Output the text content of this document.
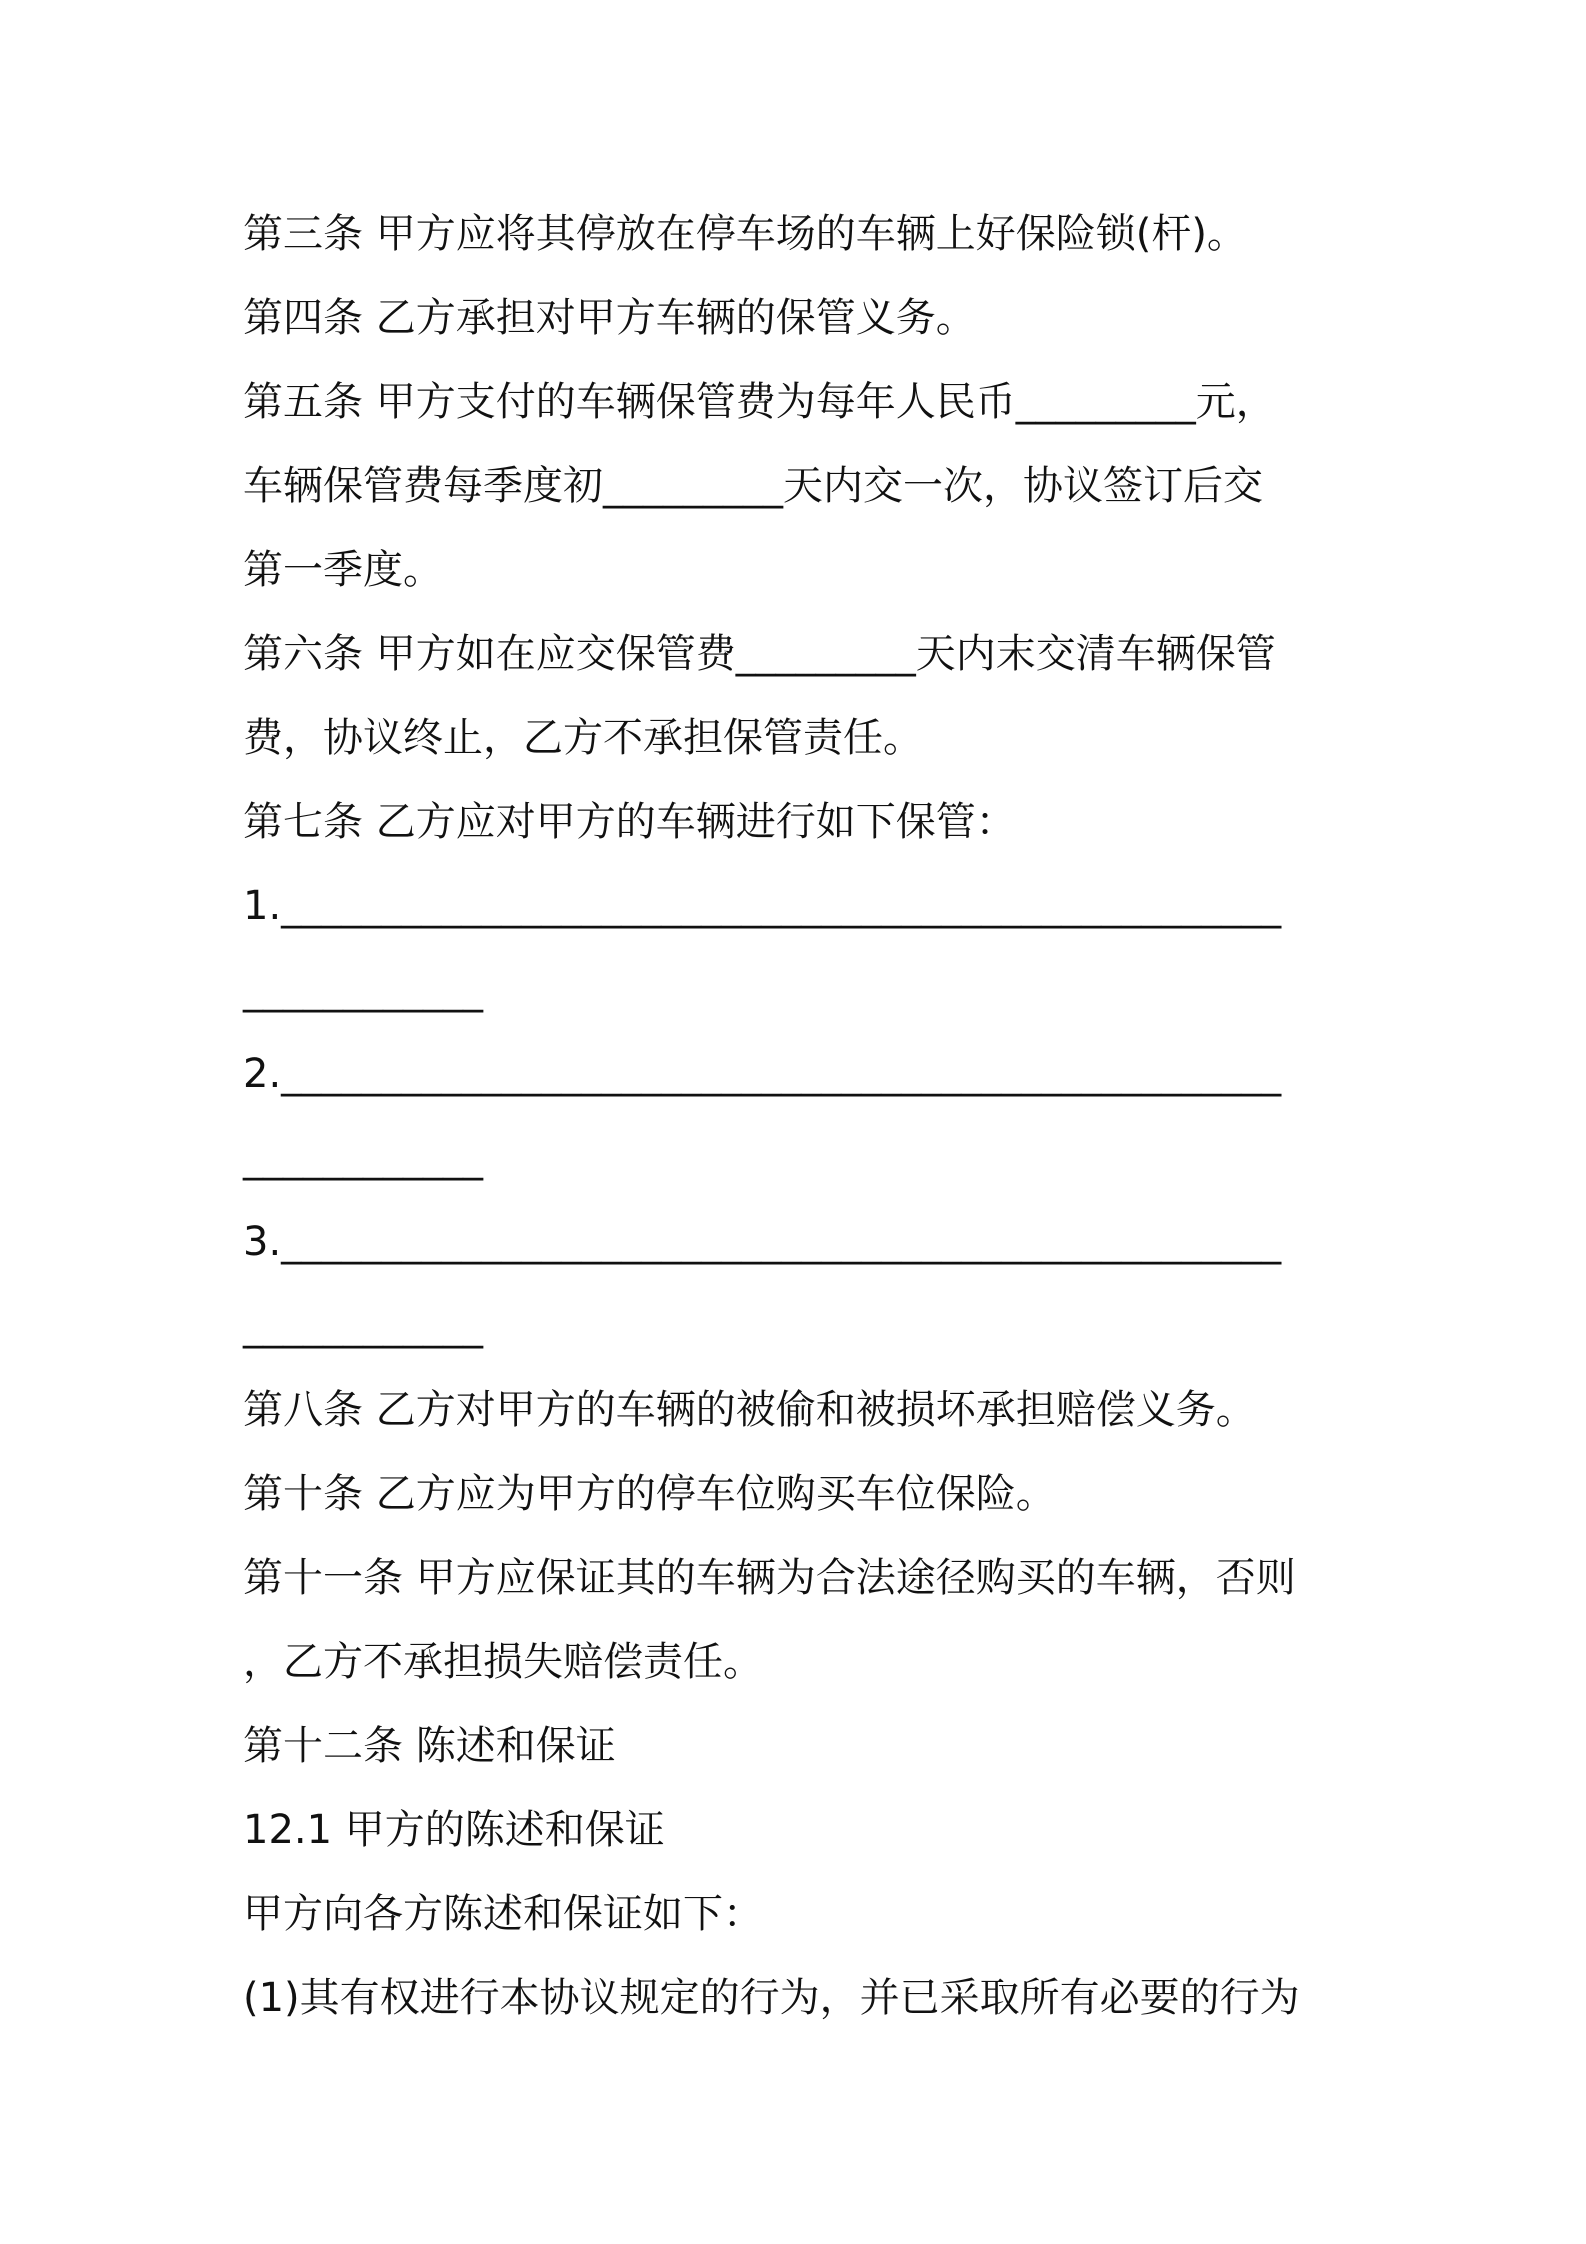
第三条 甲方应将其停放在停车场的车辆上好保险锁(杆)。
第四条 乙方承担对甲方车辆的保管义务。
第五条 甲方支付的车辆保管费为每年人民币_________元，
车辆保管费每季度初_________天内交一次，协议签订后交
第一季度。
第六条 甲方如在应交保管费_________天内末交清车辆保管
费，协议终止，乙方不承担保管责任。
第七条 乙方应对甲方的车辆进行如下保管：
1.__________________________________________________
____________
2.__________________________________________________
____________
3.__________________________________________________
____________
第八条 乙方对甲方的车辆的被偷和被损坏承担赔偿义务。
第十条 乙方应为甲方的停车位购买车位保险。
第十一条 甲方应保证其的车辆为合法途径购买的车辆，否则
，乙方不承担损失赔偿责任。
第十二条 陈述和保证
12.1 甲方的陈述和保证
甲方向各方陈述和保证如下：
(1)其有权进行本协议规定的行为，并已采取所有必要的行为
